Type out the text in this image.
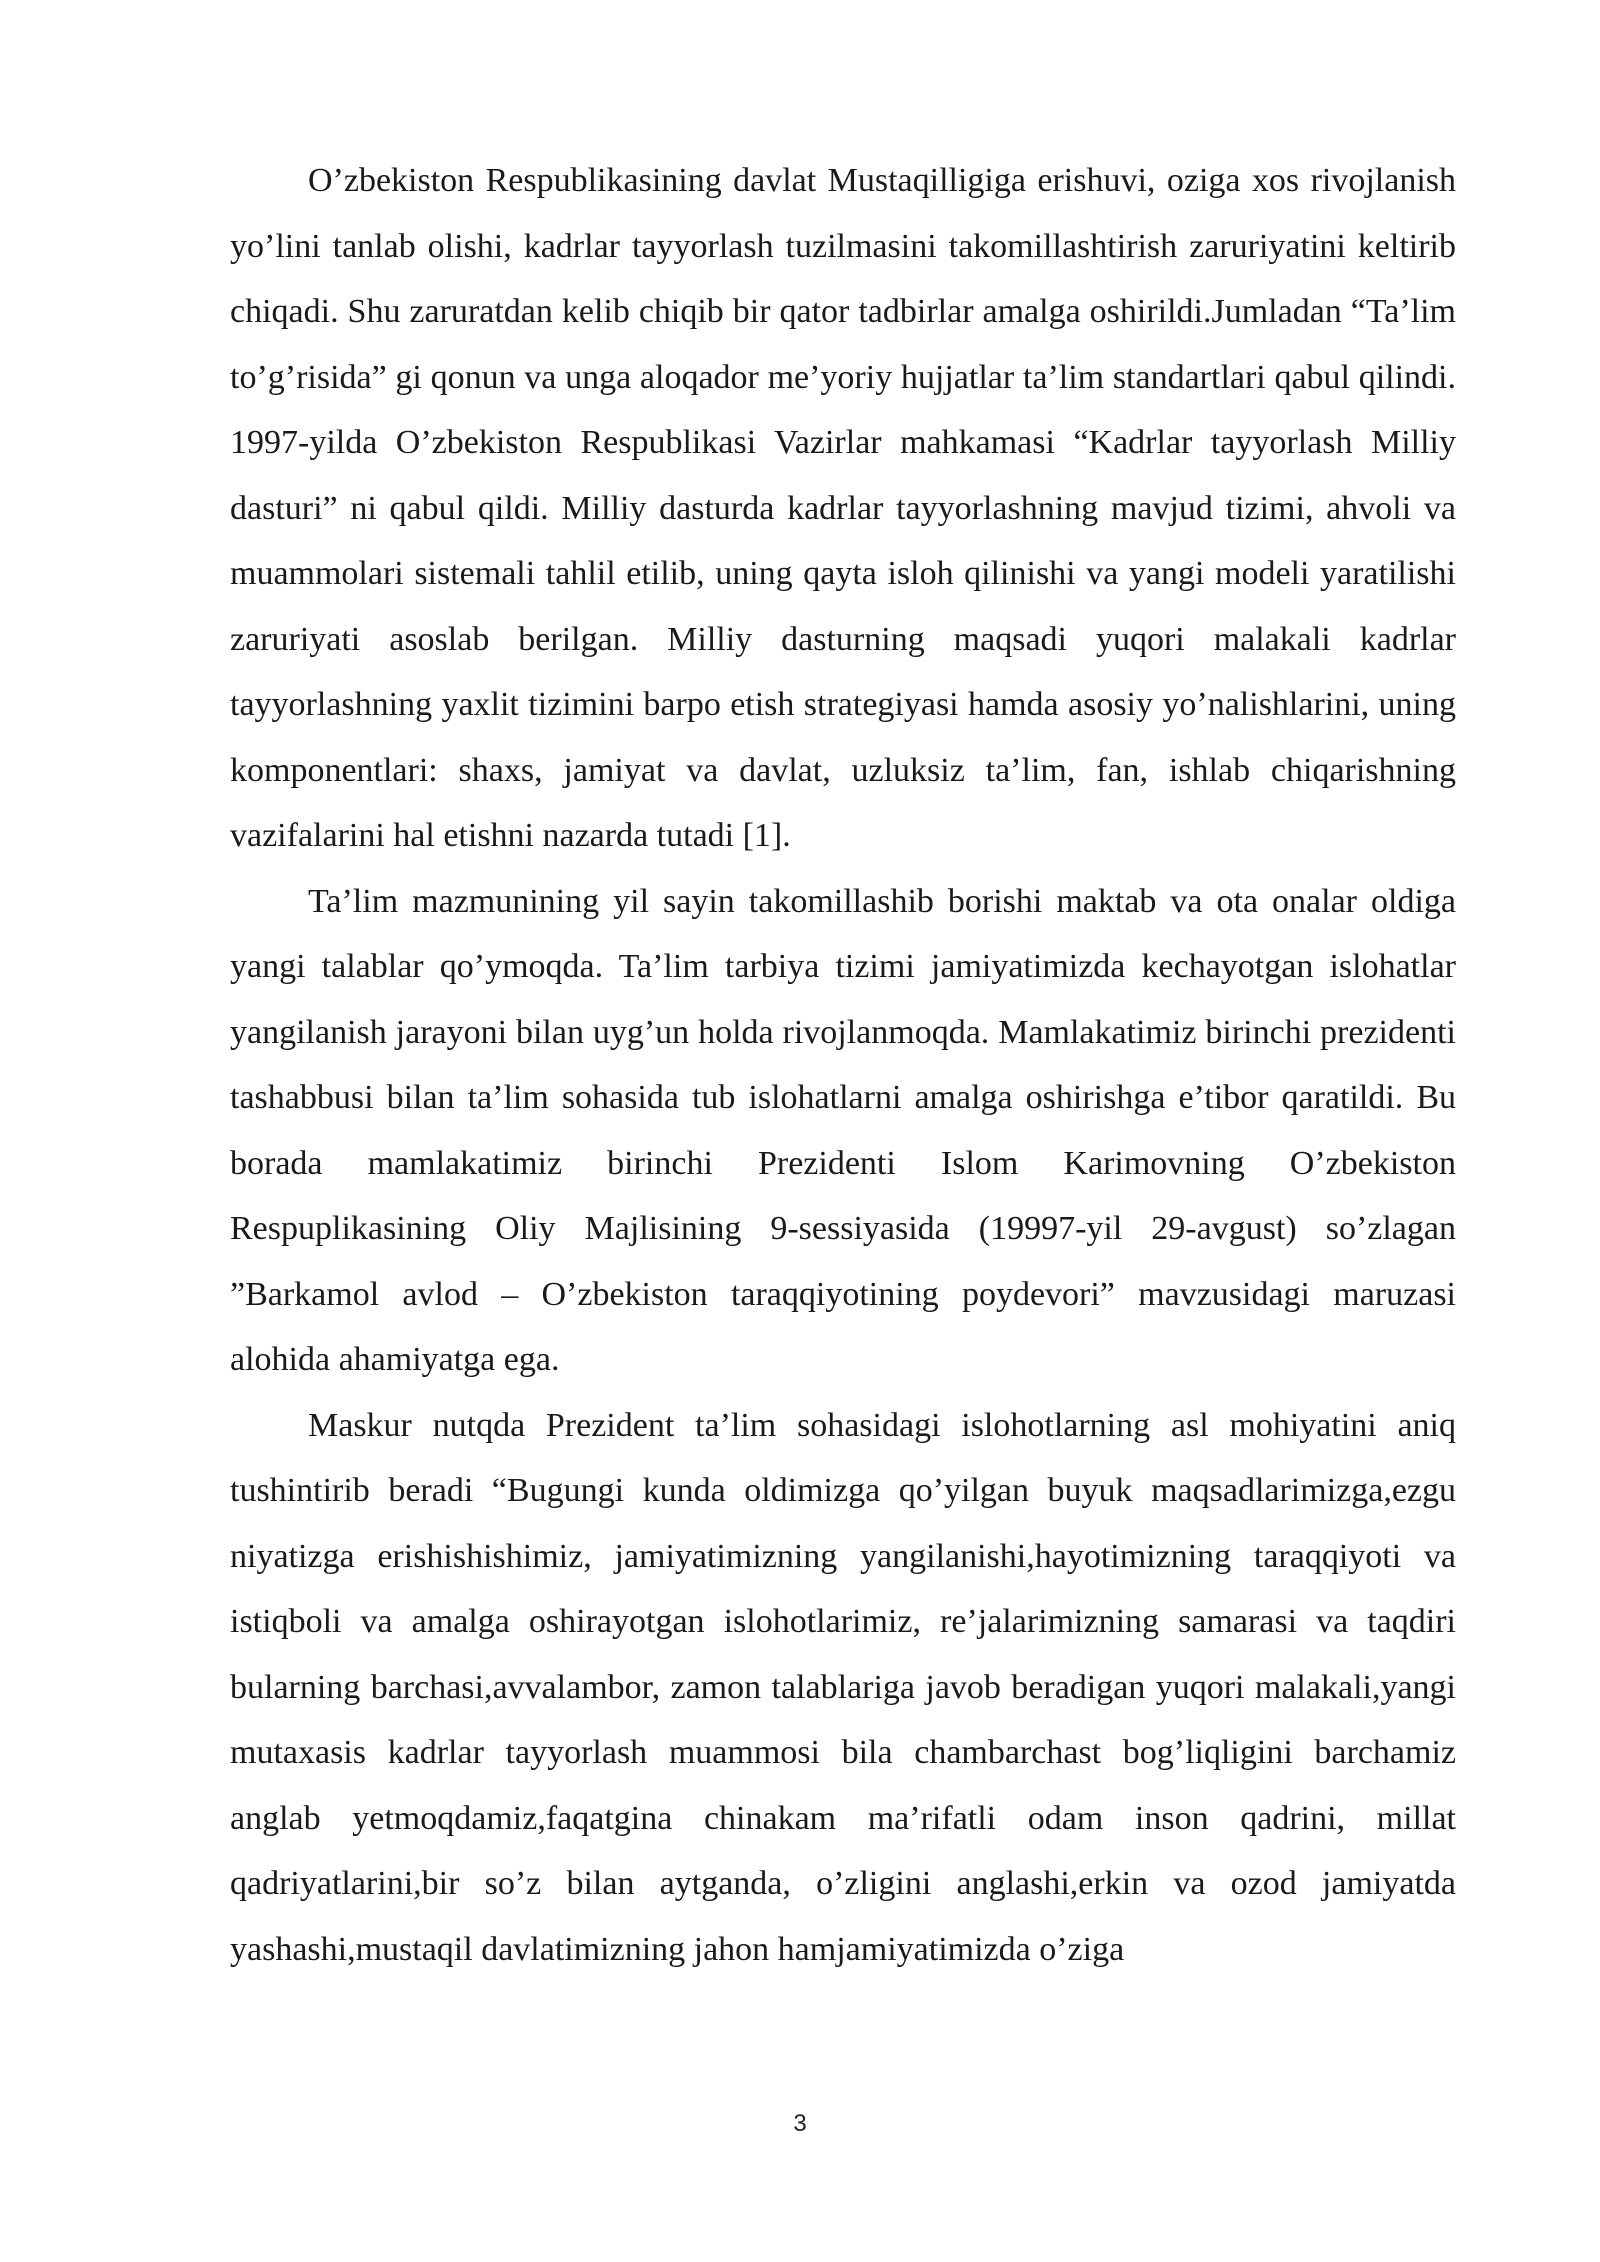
O’zbekiston Respublikasining davlat Mustaqilligiga erishuvi, oziga xos rivojlanish yo’lini tanlab olishi, kadrlar tayyorlash tuzilmasini takomillashtirish zaruriyatini keltirib chiqadi. Shu zaruratdan kelib chiqib bir qator tadbirlar amalga oshirildi.Jumladan “Ta’lim to’g’risida” gi qonun va unga aloqador me’yoriy hujjatlar ta’lim standartlari qabul qilindi. 1997-yilda O’zbekiston Respublikasi Vazirlar mahkamasi “Kadrlar tayyorlash Milliy dasturi” ni qabul qildi. Milliy dasturda kadrlar tayyorlashning mavjud tizimi, ahvoli va muammolari sistemali tahlil etilib, uning qayta isloh qilinishi va yangi modeli yaratilishi zaruriyati asoslab berilgan. Milliy dasturning maqsadi yuqori malakali kadrlar tayyorlashning yaxlit tizimini barpo etish strategiyasi hamda asosiy yo’nalishlarini, uning komponentlari: shaxs, jamiyat va davlat, uzluksiz ta’lim, fan, ishlab chiqarishning vazifalarini hal etishni nazarda tutadi [1].

Ta’lim mazmunining yil sayin takomillashib borishi maktab va ota onalar oldiga yangi talablar qo’ymoqda. Ta’lim tarbiya tizimi jamiyatimizda kechayotgan islohatlar yangilanish jarayoni bilan uyg’un holda rivojlanmoqda. Mamlakatimiz birinchi prezidenti tashabbusi bilan ta’lim sohasida tub islohatlarni amalga oshirishga e’tibor qaratildi. Bu borada mamlakatimiz birinchi Prezidenti Islom Karimovning O’zbekiston Respuplikasining Oliy Majlisining 9-sessiyasida (19997-yil 29-avgust) so’zlagan ”Barkamol avlod – O’zbekiston taraqqiyotining poydevori” mavzusidagi maruzasi alohida ahamiyatga ega.

Maskur nutqda Prezident ta’lim sohasidagi islohotlarning asl mohiyatini aniq tushintirib beradi “Bugungi kunda oldimizga qo’yilgan buyuk maqsadlarimizga,ezgu niyatizga erishishishimiz, jamiyatimizning yangilanishi,hayotimizning taraqqiyoti va istiqboli va amalga oshirayotgan islohotlarimiz, re’jalarimizning samarasi va taqdiri bularning barchasi,avvalambor, zamon talablariga javob beradigan yuqori malakali,yangi mutaxasis kadrlar tayyorlash muammosi bila chambarchast bog’liqligini barchamiz anglab yetmoqdamiz,faqatgina chinakam ma’rifatli odam inson qadrini, millat qadriyatlarini,bir so’z bilan aytganda, o’zligini anglashi,erkin va ozod jamiyatda yashashi,mustaqil davlatimizning jahon hamjamiyatimizda o’ziga

3
